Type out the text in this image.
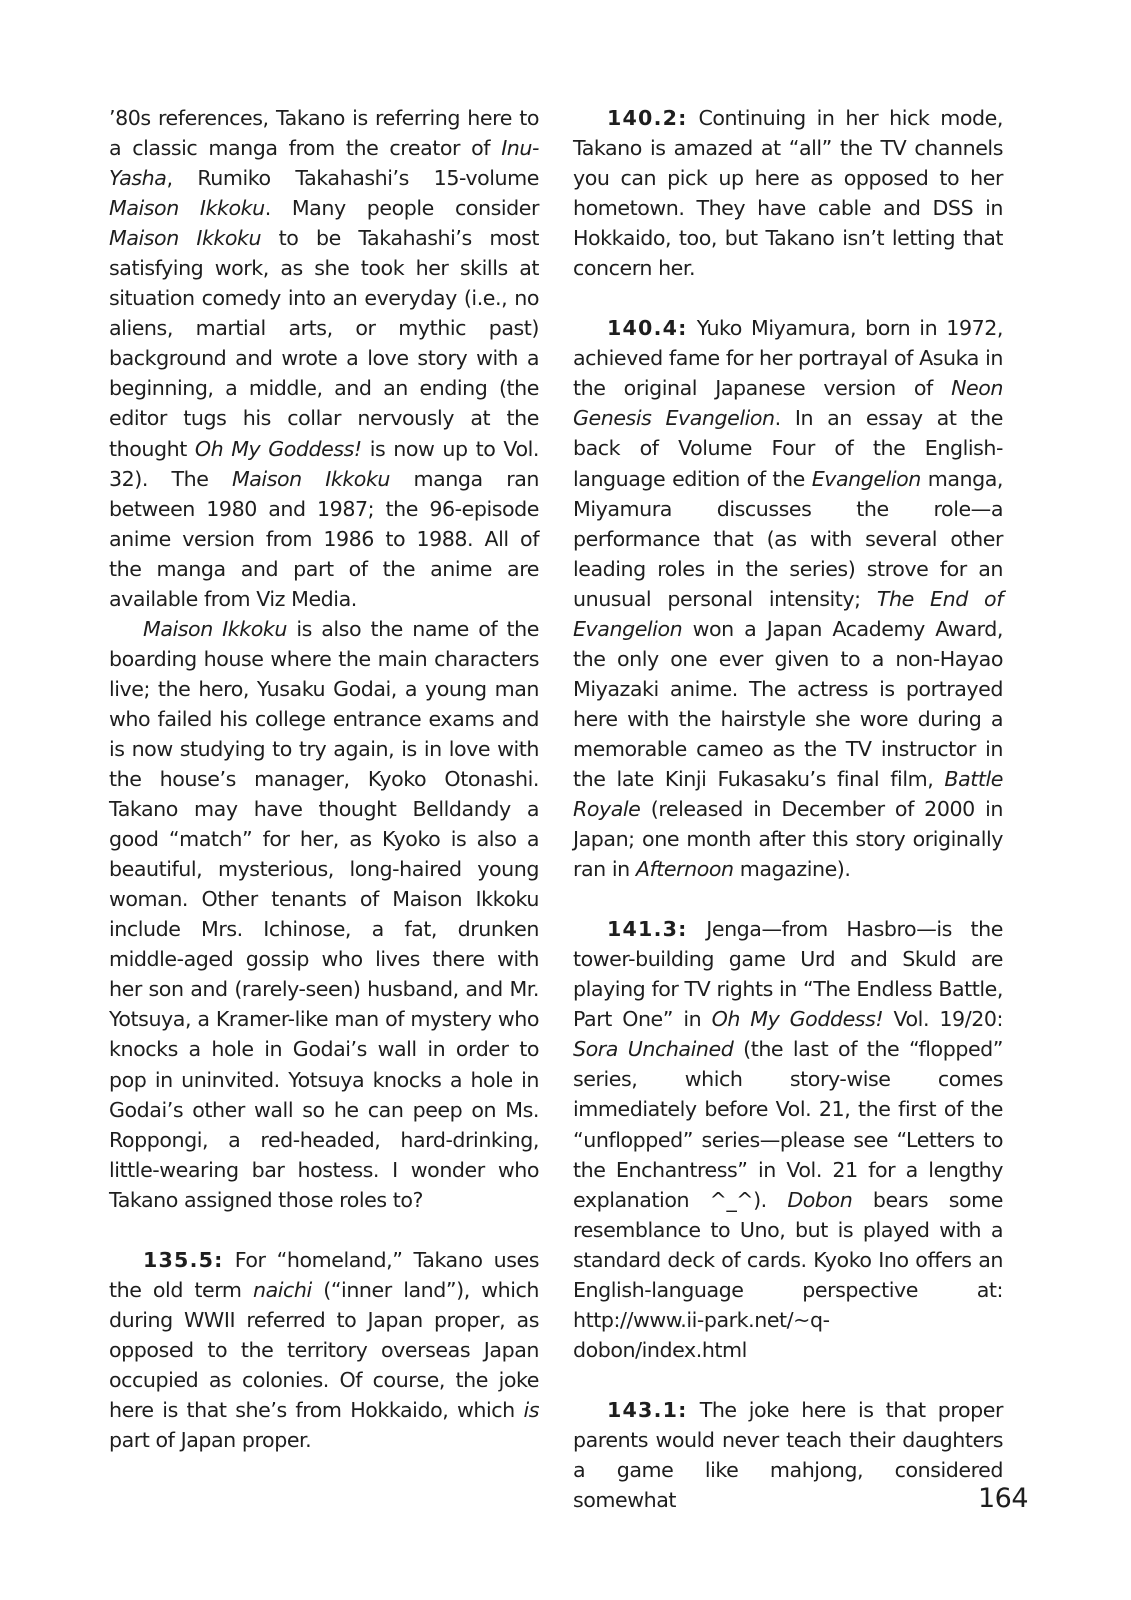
’80s references, Takano is referring here to a classic manga from the creator of Inu-Yasha, Rumiko Takahashi’s 15-volume Maison Ikkoku. Many people consider Maison Ikkoku to be Takahashi’s most satisfying work, as she took her skills at situation comedy into an everyday (i.e., no aliens, martial arts, or mythic past) background and wrote a love story with a beginning, a middle, and an ending (the editor tugs his collar nervously at the thought Oh My Goddess! is now up to Vol. 32). The Maison Ikkoku manga ran between 1980 and 1987; the 96-episode anime version from 1986 to 1988. All of the manga and part of the anime are available from Viz Media.

Maison Ikkoku is also the name of the boarding house where the main characters live; the hero, Yusaku Godai, a young man who failed his college entrance exams and is now studying to try again, is in love with the house’s manager, Kyoko Otonashi. Takano may have thought Belldandy a good “match” for her, as Kyoko is also a beautiful, mysterious, long-haired young woman. Other tenants of Maison Ikkoku include Mrs. Ichinose, a fat, drunken middle-aged gossip who lives there with her son and (rarely-seen) husband, and Mr. Yotsuya, a Kramer-like man of mystery who knocks a hole in Godai’s wall in order to pop in uninvited. Yotsuya knocks a hole in Godai’s other wall so he can peep on Ms. Roppongi, a red-headed, hard-drinking, little-wearing bar hostess. I wonder who Takano assigned those roles to?

135.5: For “homeland,” Takano uses the old term naichi (“inner land”), which during WWII referred to Japan proper, as opposed to the territory overseas Japan occupied as colonies. Of course, the joke here is that she’s from Hokkaido, which is part of Japan proper.

140.2: Continuing in her hick mode, Takano is amazed at “all” the TV channels you can pick up here as opposed to her hometown. They have cable and DSS in Hokkaido, too, but Takano isn’t letting that concern her.

140.4: Yuko Miyamura, born in 1972, achieved fame for her portrayal of Asuka in the original Japanese version of Neon Genesis Evangelion. In an essay at the back of Volume Four of the English-language edition of the Evangelion manga, Miyamura discusses the role—a performance that (as with several other leading roles in the series) strove for an unusual personal intensity; The End of Evangelion won a Japan Academy Award, the only one ever given to a non-Hayao Miyazaki anime. The actress is portrayed here with the hairstyle she wore during a memorable cameo as the TV instructor in the late Kinji Fukasaku’s final film, Battle Royale (released in December of 2000 in Japan; one month after this story originally ran in Afternoon magazine).

141.3: Jenga—from Hasbro—is the tower-building game Urd and Skuld are playing for TV rights in “The Endless Battle, Part One” in Oh My Goddess! Vol. 19/20: Sora Unchained (the last of the “flopped” series, which story-wise comes immediately before Vol. 21, the first of the “unflopped” series—please see “Letters to the Enchantress” in Vol. 21 for a lengthy explanation ^_^). Dobon bears some resemblance to Uno, but is played with a standard deck of cards. Kyoko Ino offers an English-language perspective at: http://www.ii-park.net/~q-dobon/index.html

143.1: The joke here is that proper parents would never teach their daughters a game like mahjong, considered somewhat	164
